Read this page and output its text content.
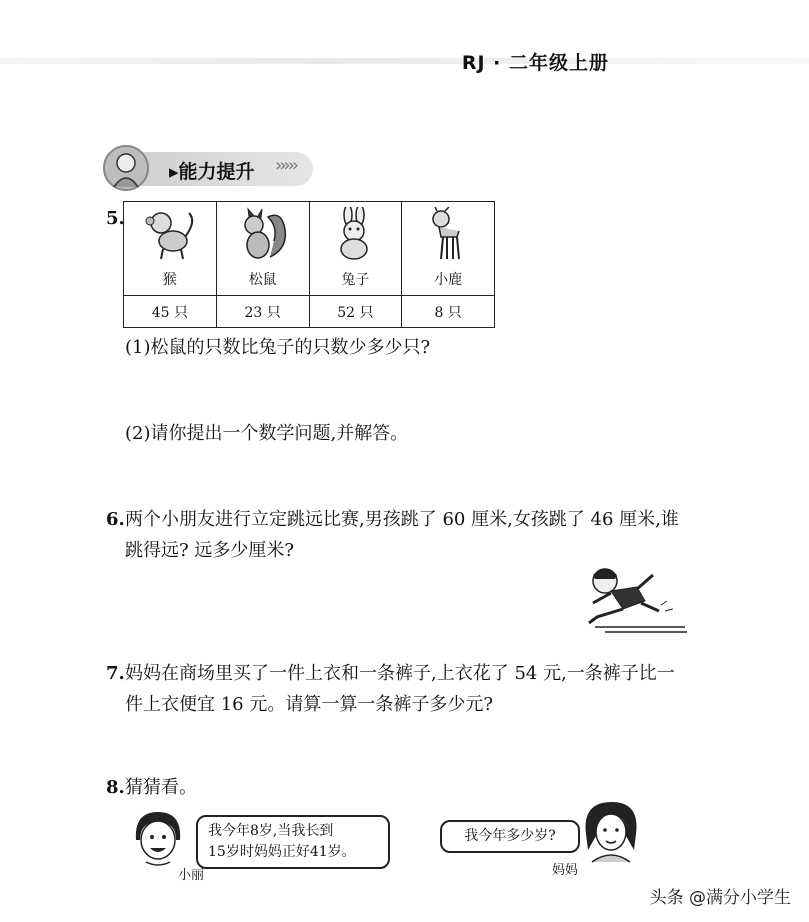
RJ · 二年级上册
▸能力提升 ›››››
5.
猴	松鼠	兔子	小鹿

45 只	23 只	52 只	8 只
(1)松鼠的只数比兔子的只数少多少只?
(2)请你提出一个数学问题,并解答。
6. 两个小朋友进行立定跳远比赛,男孩跳了 60 厘米,女孩跳了 46 厘米,谁
跳得远? 远多少厘米?
7. 妈妈在商场里买了一件上衣和一条裤子,上衣花了 54 元,一条裤子比一
件上衣便宜 16 元。请算一算一条裤子多少元?
8. 猜猜看。
小丽
我今年8岁,当我长到
15岁时妈妈正好41岁。
我今年多少岁?
妈妈
头条 @满分小学生
